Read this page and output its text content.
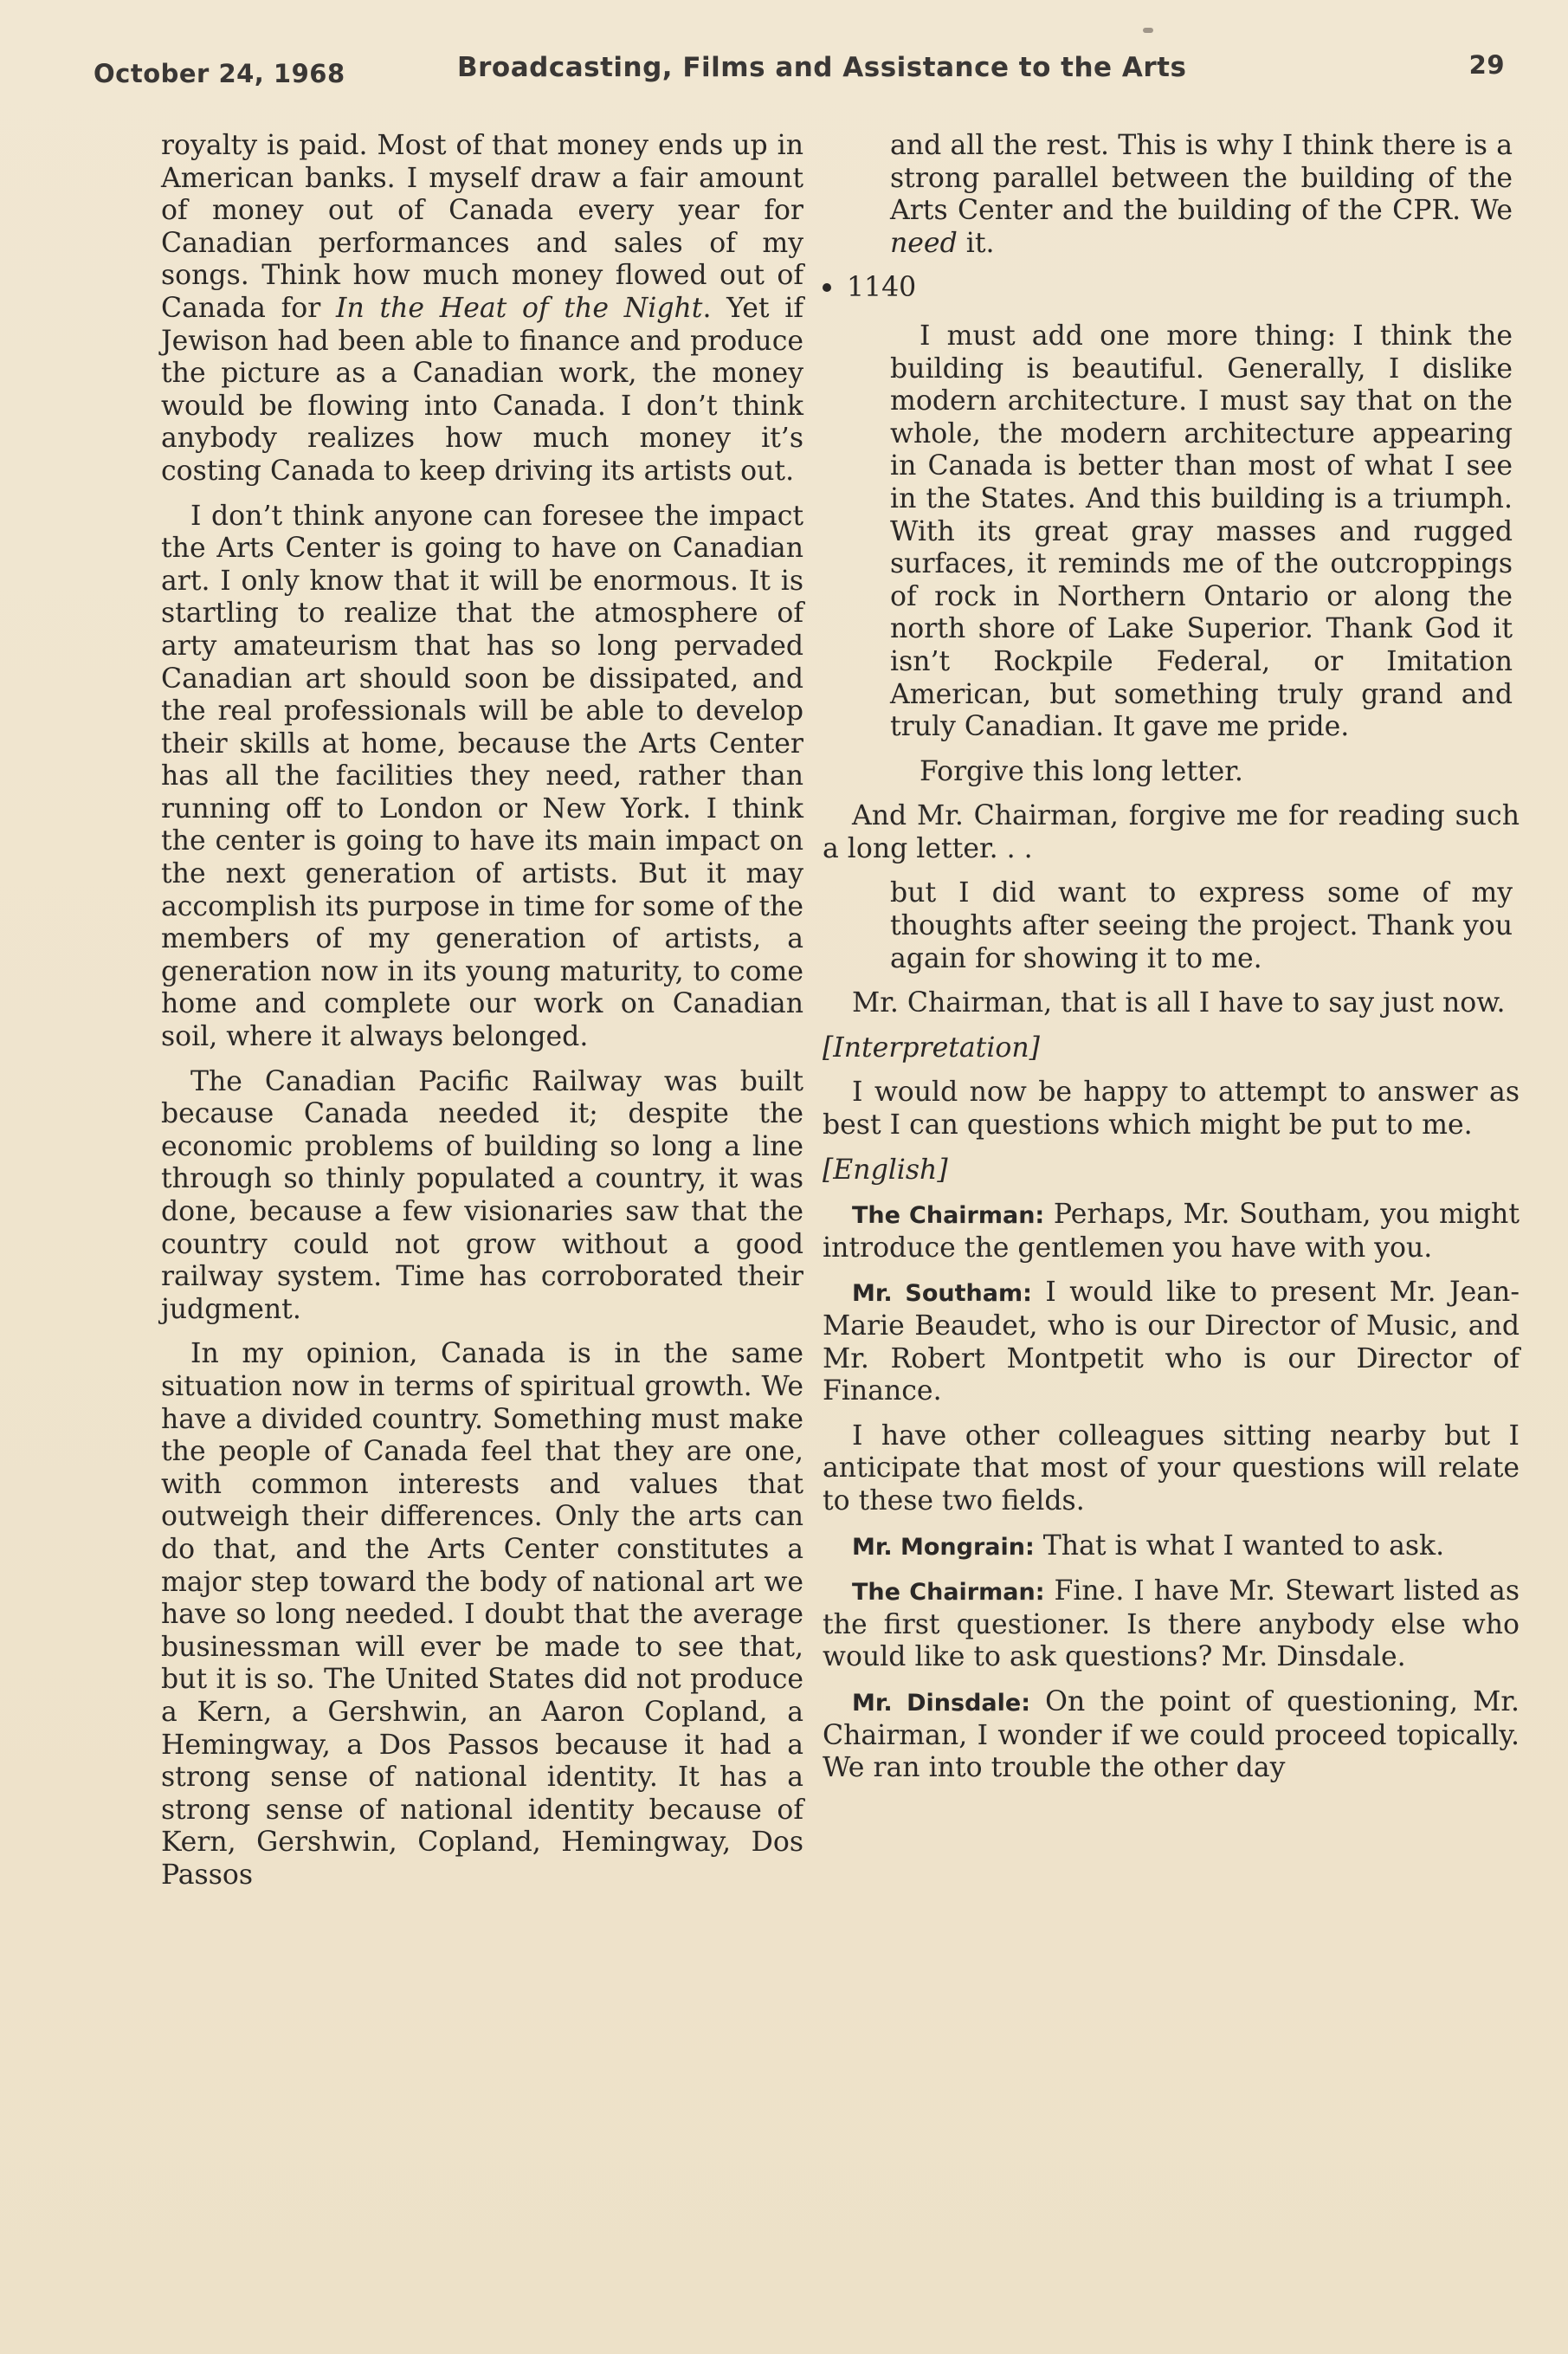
October 24, 1968	Broadcasting, Films and Assistance to the Arts	29

royalty is paid. Most of that money ends up in American banks. I myself draw a fair amount of money out of Canada every year for Canadian performances and sales of my songs. Think how much money flowed out of Canada for In the Heat of the Night. Yet if Jewison had been able to finance and produce the picture as a Canadian work, the money would be flowing into Canada. I don’t think anybody realizes how much money it’s costing Canada to keep driving its artists out.

I don’t think anyone can foresee the impact the Arts Center is going to have on Canadian art. I only know that it will be enormous. It is startling to realize that the atmosphere of arty amateurism that has so long pervaded Canadian art should soon be dissipated, and the real professionals will be able to develop their skills at home, because the Arts Center has all the facilities they need, rather than running off to London or New York. I think the center is going to have its main impact on the next generation of artists. But it may accomplish its purpose in time for some of the members of my generation of artists, a generation now in its young maturity, to come home and complete our work on Canadian soil, where it always belonged.

The Canadian Pacific Railway was built because Canada needed it; despite the economic problems of building so long a line through so thinly populated a country, it was done, because a few visionaries saw that the country could not grow without a good railway system. Time has corroborated their judgment.

In my opinion, Canada is in the same situation now in terms of spiritual growth. We have a divided country. Something must make the people of Canada feel that they are one, with common interests and values that outweigh their differences. Only the arts can do that, and the Arts Center constitutes a major step toward the body of national art we have so long needed. I doubt that the average businessman will ever be made to see that, but it is so. The United States did not produce a Kern, a Gershwin, an Aaron Copland, a Hemingway, a Dos Passos because it had a strong sense of national identity. It has a strong sense of national identity because of Kern, Gershwin, Copland, Hemingway, Dos Passos

and all the rest. This is why I think there is a strong parallel between the building of the Arts Center and the building of the CPR. We need it.

1140

I must add one more thing: I think the building is beautiful. Generally, I dislike modern architecture. I must say that on the whole, the modern architecture appearing in Canada is better than most of what I see in the States. And this building is a triumph. With its great gray masses and rugged surfaces, it reminds me of the outcroppings of rock in Northern Ontario or along the north shore of Lake Superior. Thank God it isn’t Rockpile Federal, or Imitation American, but something truly grand and truly Canadian. It gave me pride.

Forgive this long letter.

And Mr. Chairman, forgive me for reading such a long letter. . .

but I did want to express some of my thoughts after seeing the project. Thank you again for showing it to me.

Mr. Chairman, that is all I have to say just now.

[Interpretation]

I would now be happy to attempt to answer as best I can questions which might be put to me.

[English]

The Chairman: Perhaps, Mr. Southam, you might introduce the gentlemen you have with you.

Mr. Southam: I would like to present Mr. Jean-Marie Beaudet, who is our Director of Music, and Mr. Robert Montpetit who is our Director of Finance.

I have other colleagues sitting nearby but I anticipate that most of your questions will relate to these two fields.

Mr. Mongrain: That is what I wanted to ask.

The Chairman: Fine. I have Mr. Stewart listed as the first questioner. Is there anybody else who would like to ask questions? Mr. Dinsdale.

Mr. Dinsdale: On the point of questioning, Mr. Chairman, I wonder if we could proceed topically. We ran into trouble the other day
